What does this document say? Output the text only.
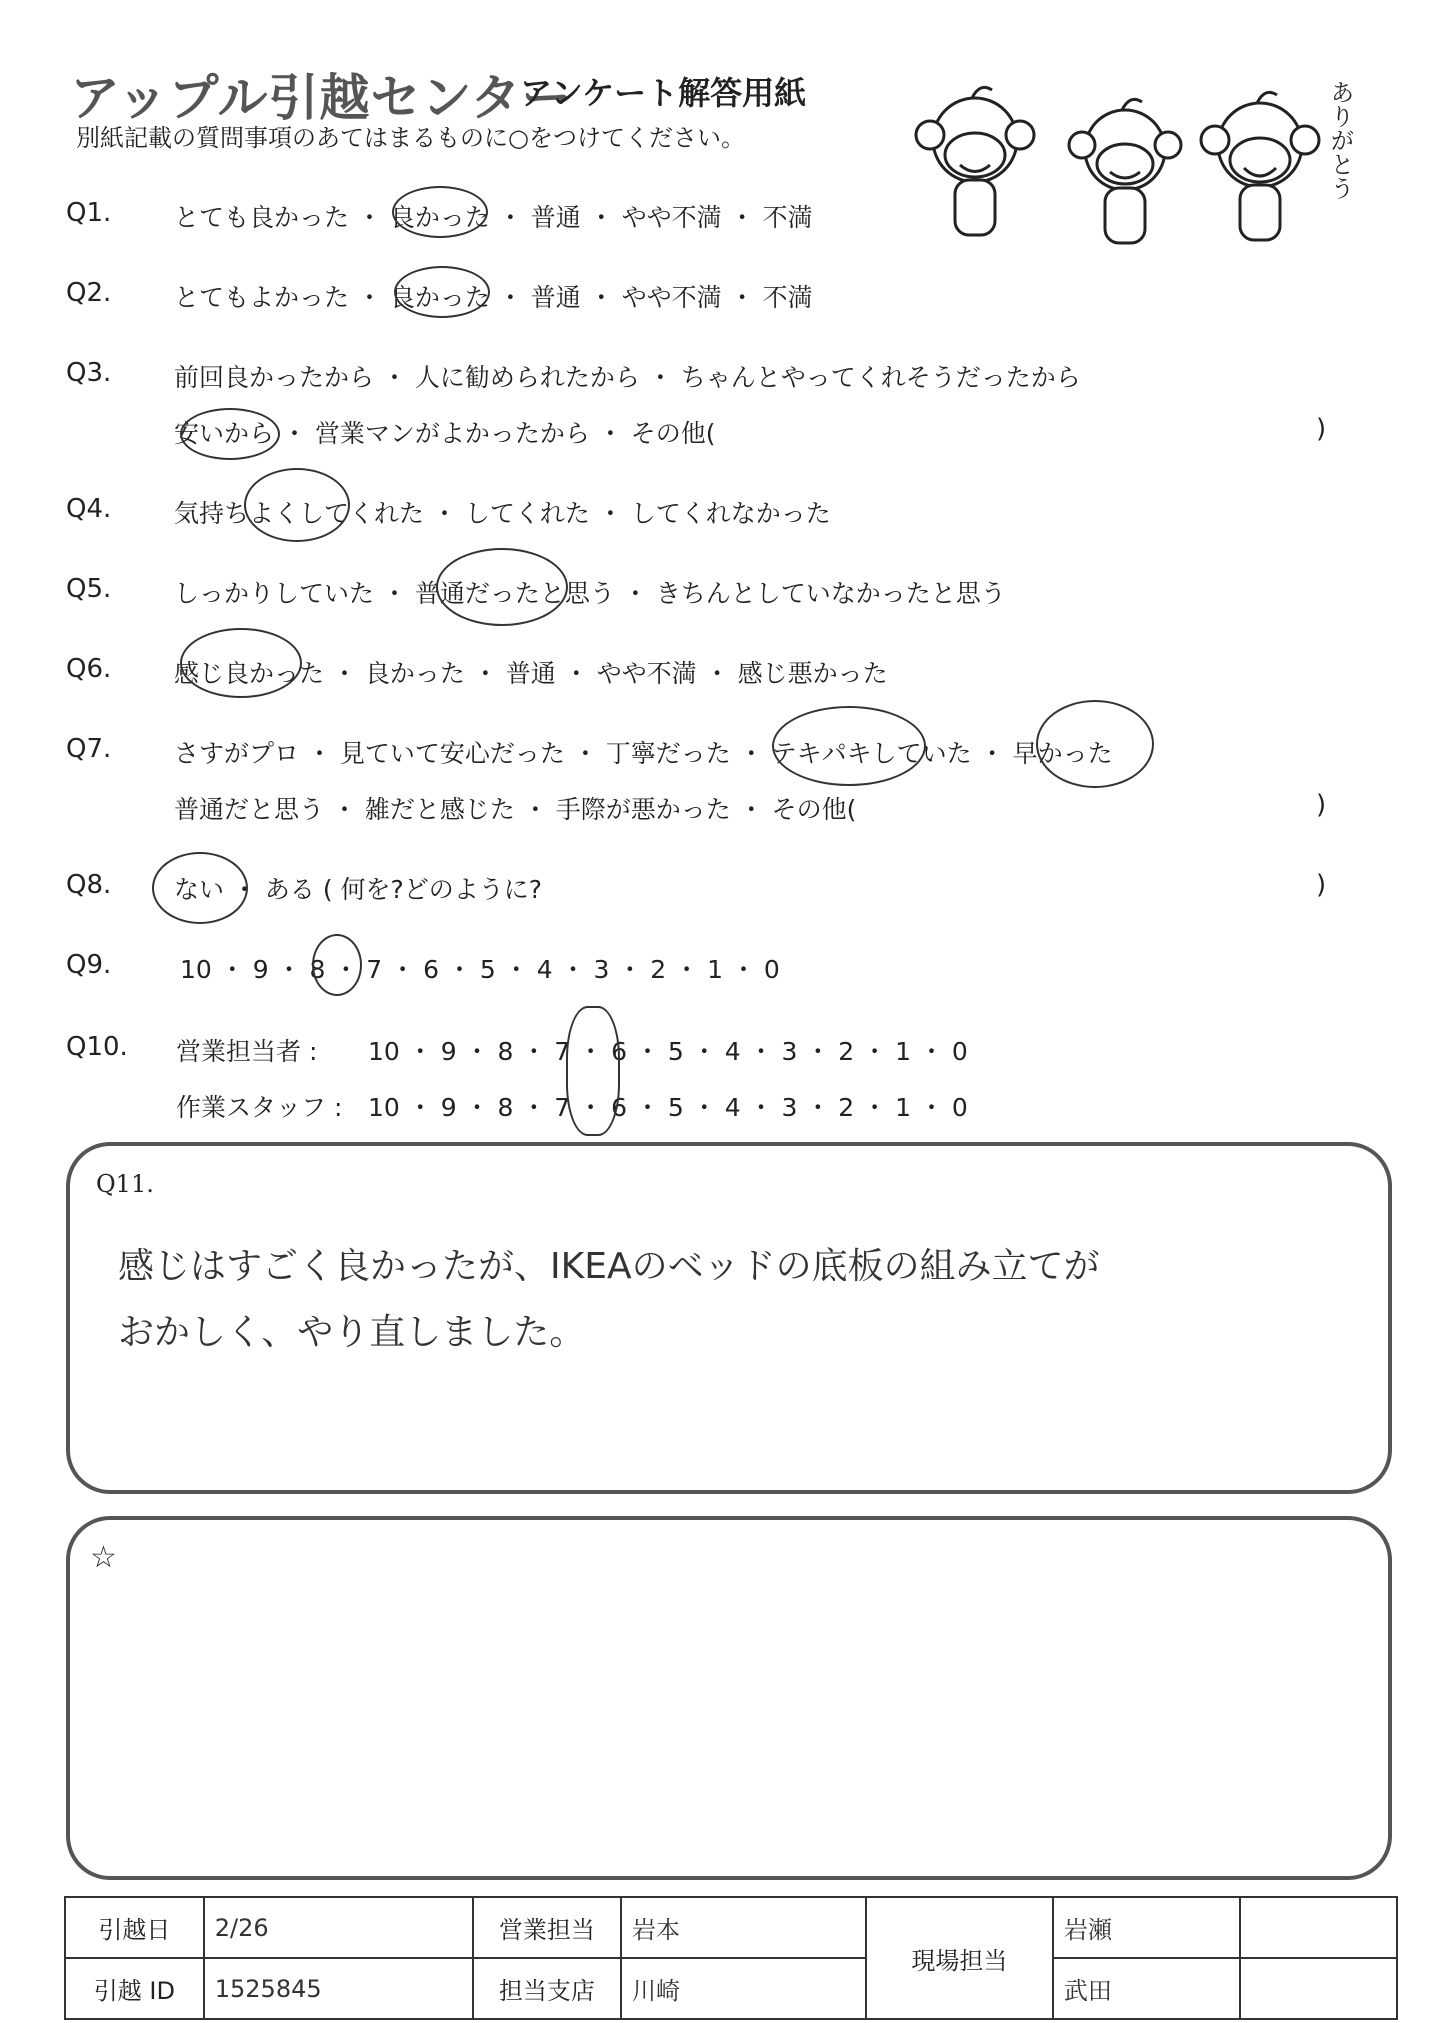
アップル引越センター
アンケート解答用紙
別紙記載の質問事項のあてはまるものに○をつけてください。	ありがとう
Q1.	とても良かった ・ 良かった ・ 普通 ・ やや不満 ・ 不満
Q2.	とてもよかった ・ 良かった ・ 普通 ・ やや不満 ・ 不満
Q3.	前回良かったから ・ 人に勧められたから ・ ちゃんとやってくれそうだったから
安いから ・ 営業マンがよかったから ・ その他(	)
Q4.	気持ちよくしてくれた ・ してくれた ・ してくれなかった
Q5.	しっかりしていた ・ 普通だったと思う ・ きちんとしていなかったと思う
Q6.	感じ良かった ・ 良かった ・ 普通 ・ やや不満 ・ 感じ悪かった
Q7.	さすがプロ ・ 見ていて安心だった ・ 丁寧だった ・ テキパキしていた ・ 早かった
普通だと思う ・ 雑だと感じた ・ 手際が悪かった ・ その他(	)
Q8.	ない ・ ある ( 何を?どのように?	)
Q9.	10 ・ 9 ・ 8 ・ 7 ・ 6 ・ 5 ・ 4 ・ 3 ・ 2 ・ 1 ・ 0
Q10. 営業担当者 : 10 ・ 9 ・ 8 ・ 7 ・ 6 ・ 5 ・ 4 ・ 3 ・ 2 ・ 1 ・ 0
作業スタッフ : 10 ・ 9 ・ 8 ・ 7 ・ 6 ・ 5 ・ 4 ・ 3 ・ 2 ・ 1 ・ 0
Q11.
感じはすごく良かったが、IKEAのベッドの底板の組み立てが
おかしく、やり直しました。
☆
引越日	2/26	営業担当	岩本	現場担当	岩瀬	
引越 ID	1525845	担当支店	川崎		武田	
